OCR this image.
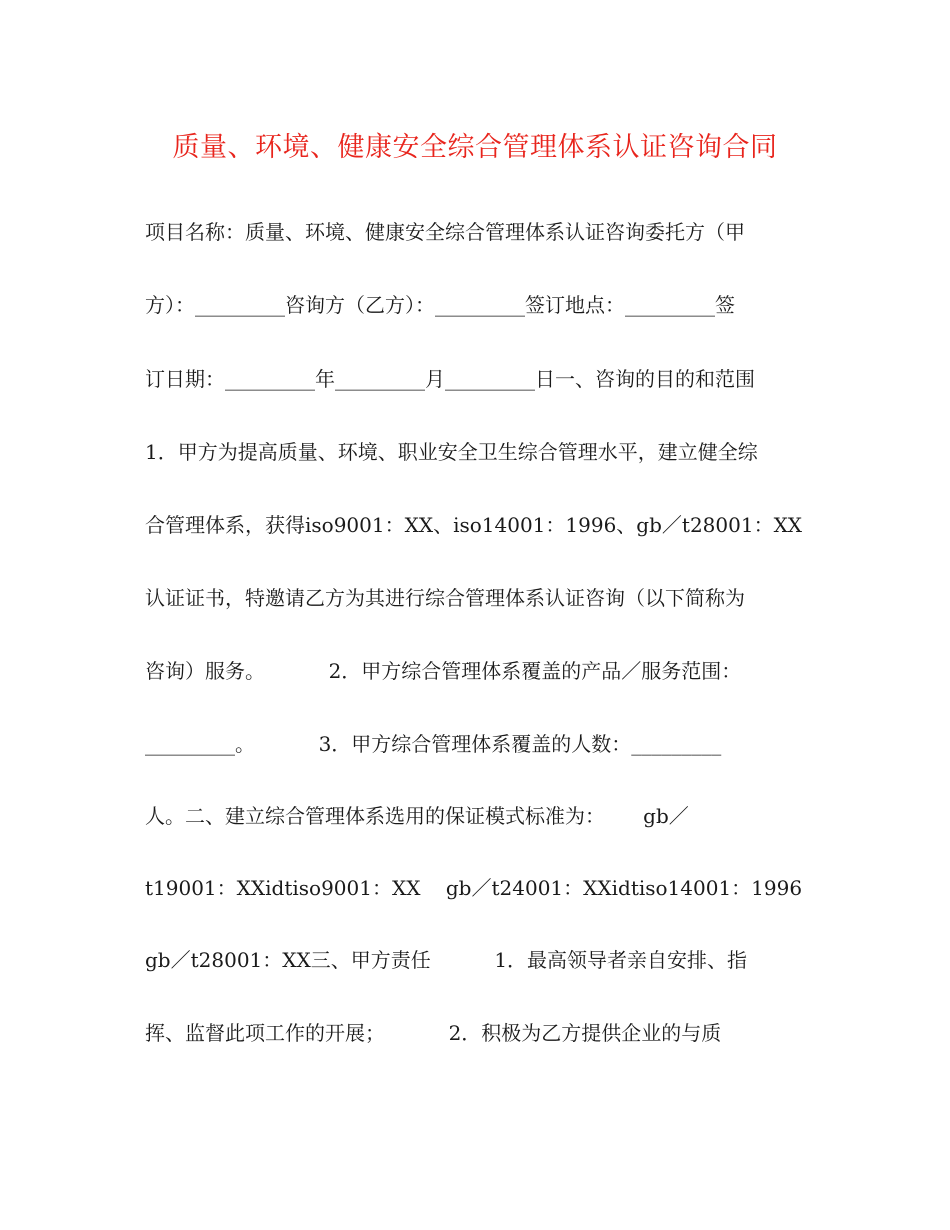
质量、环境、健康安全综合管理体系认证咨询合同
项目名称：质量、环境、健康安全综合管理体系认证咨询委托方（甲
方）：_________咨询方（乙方）：_________签订地点：_________签
订日期：_________年_________月_________日一、咨询的目的和范围
1．甲方为提高质量、环境、职业安全卫生综合管理水平，建立健全综
合管理体系，获得iso9001：XX、iso14001：1996、gb／t28001：XX
认证证书，特邀请乙方为其进行综合管理体系认证咨询（以下简称为
咨询）服务。          2．甲方综合管理体系覆盖的产品／服务范围：
_________。          3．甲方综合管理体系覆盖的人数：_________
人。二、建立综合管理体系选用的保证模式标准为：      gb／
t19001：XXidtiso9001：XX    gb／t24001：XXidtiso14001：1996
gb／t28001：XX三、甲方责任          1．最高领导者亲自安排、指
挥、监督此项工作的开展；          2．积极为乙方提供企业的与质
